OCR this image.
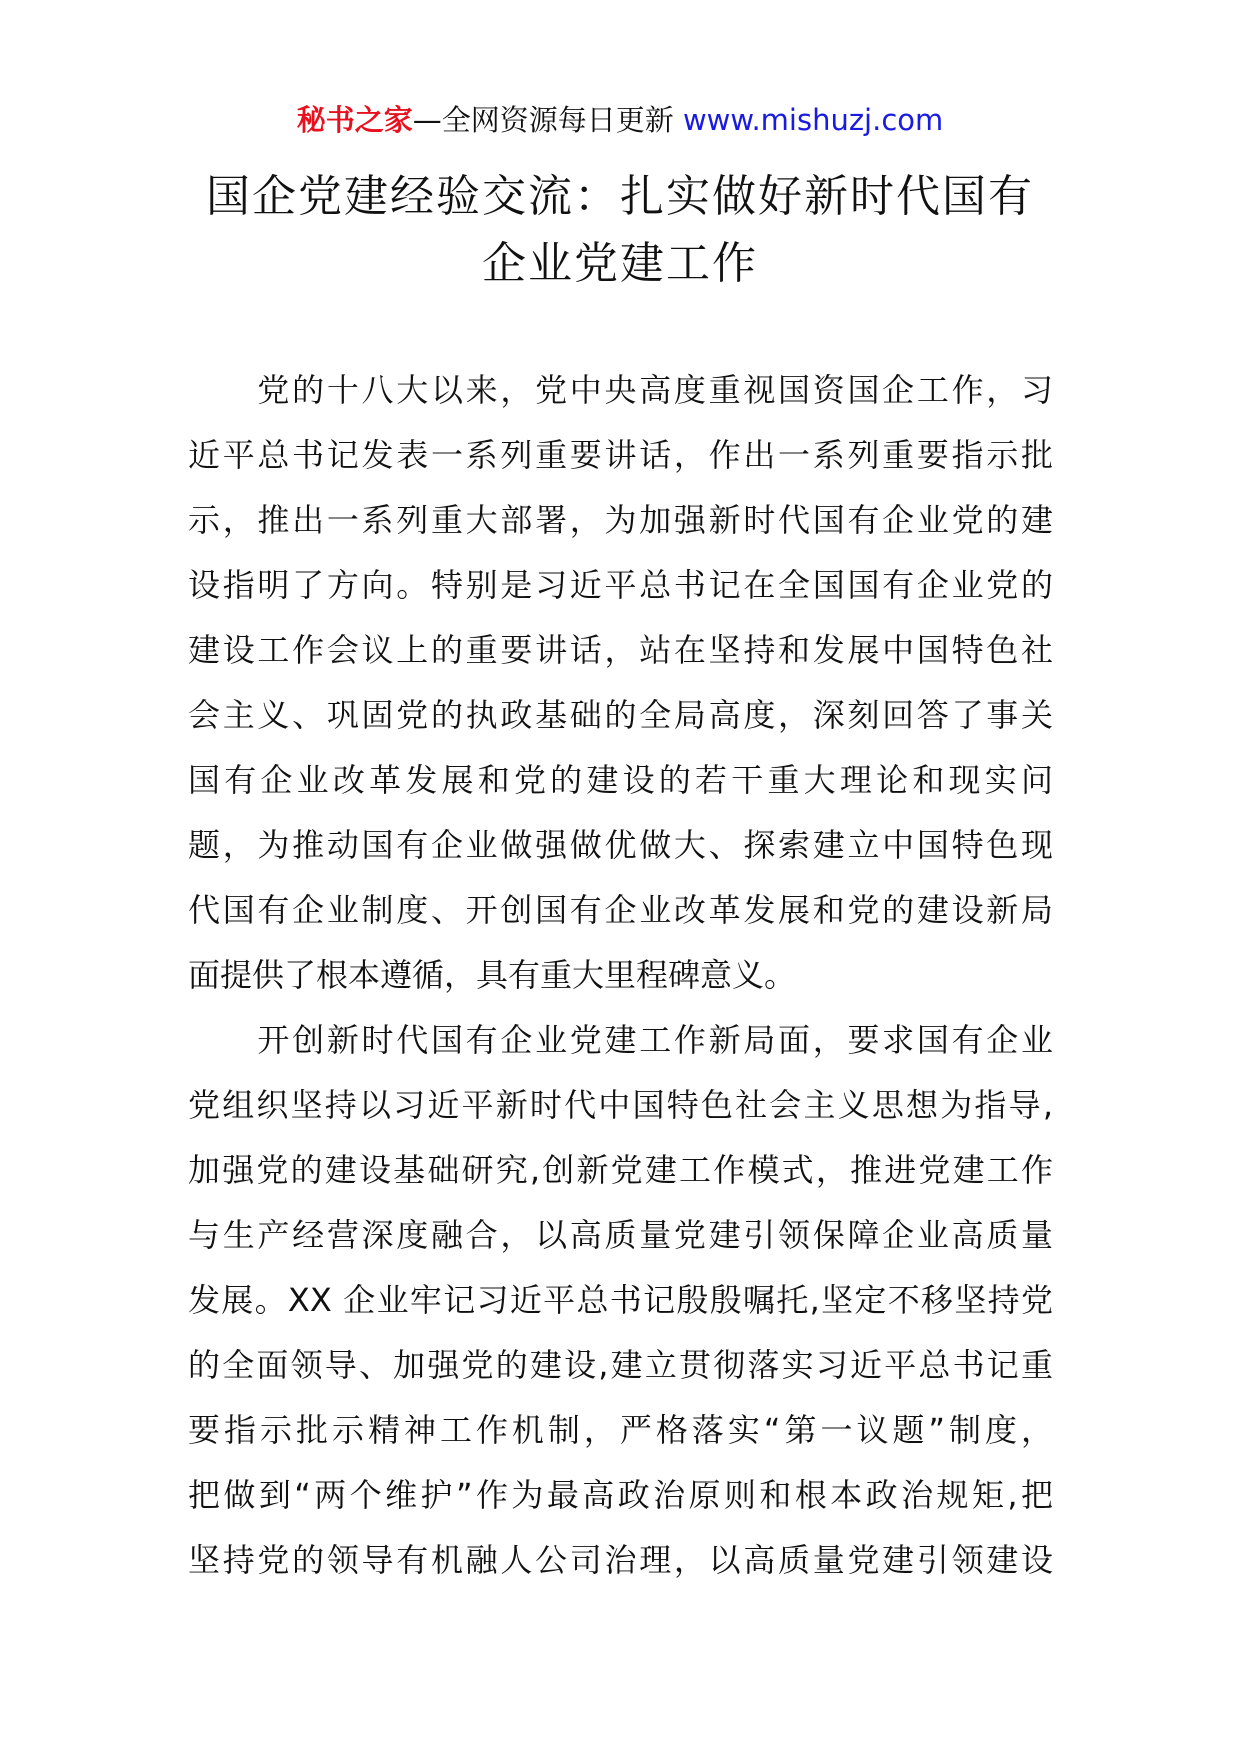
秘书之家—全网资源每日更新 www.mishuzj.com
国企党建经验交流：扎实做好新时代国有
企业党建工作

　　党的十八大以来，党中央高度重视国资国企工作，习
近平总书记发表一系列重要讲话，作出一系列重要指示批
示，推出一系列重大部署，为加强新时代国有企业党的建
设指明了方向。特别是习近平总书记在全国国有企业党的
建设工作会议上的重要讲话，站在坚持和发展中国特色社
会主义、巩固党的执政基础的全局高度，深刻回答了事关
国有企业改革发展和党的建设的若干重大理论和现实问
题，为推动国有企业做强做优做大、探索建立中国特色现
代国有企业制度、开创国有企业改革发展和党的建设新局
面提供了根本遵循，具有重大里程碑意义。

　　开创新时代国有企业党建工作新局面，要求国有企业
党组织坚持以习近平新时代中国特色社会主义思想为指导,
加强党的建设基础研究,创新党建工作模式，推进党建工作
与生产经营深度融合，以高质量党建引领保障企业高质量
发展。XX 企业牢记习近平总书记殷殷嘱托,坚定不移坚持党
的全面领导、加强党的建设,建立贯彻落实习近平总书记重
要指示批示精神工作机制，严格落实“第一议题”制度，
把做到“两个维护”作为最高政治原则和根本政治规矩,把
坚持党的领导有机融人公司治理，以高质量党建引领建设
